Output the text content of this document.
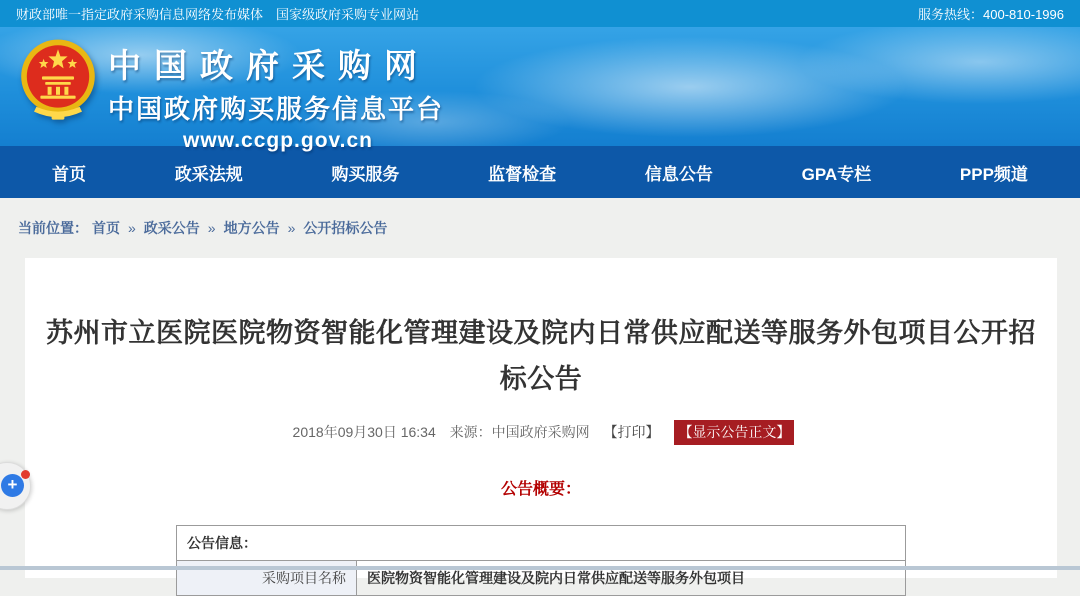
财政部唯一指定政府采购信息网络发布媒体　国家级政府采购专业网站	服务热线：400-810-1996
中国政府采购网
中国政府购买服务信息平台
www.ccgp.gov.cn
首页	政采法规	购买服务	监督检查	信息公告	GPA专栏	PPP频道
当前位置： 首页 » 政采公告 » 地方公告 » 公开招标公告
苏州市立医院医院物资智能化管理建设及院内日常供应配送等服务外包项目公开招标公告
2018年09月30日 16:34 来源：中国政府采购网 【打印】 【显示公告正文】
公告概要：
公告信息：
采购项目名称	医院物资智能化管理建设及院内日常供应配送等服务外包项目
+
